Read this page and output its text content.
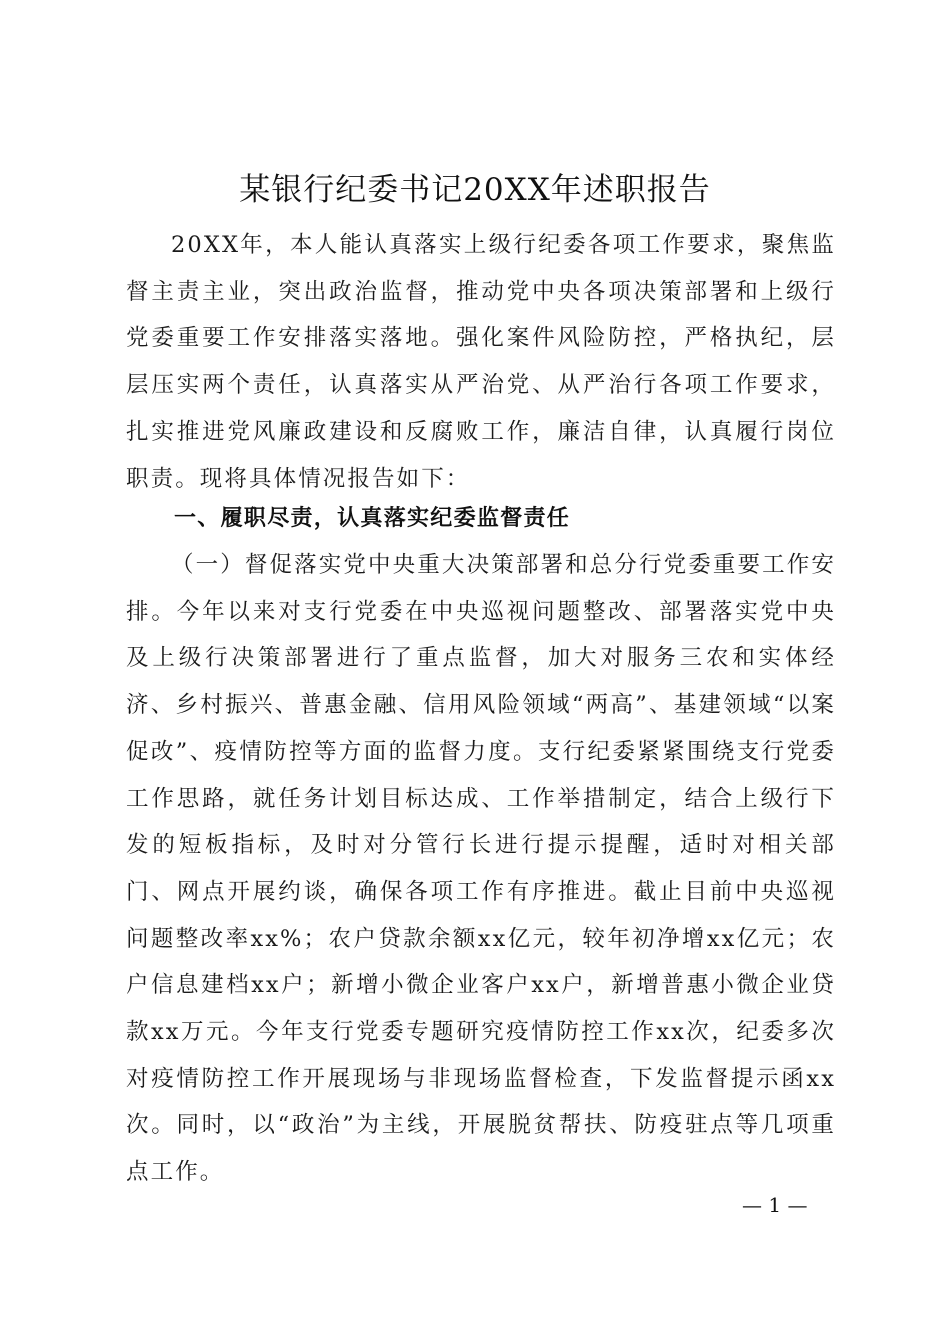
某银行纪委书记20XX年述职报告
20XX年，本人能认真落实上级行纪委各项工作要求，聚焦监督主责主业，突出政治监督，推动党中央各项决策部署和上级行党委重要工作安排落实落地。强化案件风险防控，严格执纪，层层压实两个责任，认真落实从严治党、从严治行各项工作要求，扎实推进党风廉政建设和反腐败工作，廉洁自律，认真履行岗位职责。现将具体情况报告如下：
一、履职尽责，认真落实纪委监督责任
（一）督促落实党中央重大决策部署和总分行党委重要工作安排。今年以来对支行党委在中央巡视问题整改、部署落实党中央及上级行决策部署进行了重点监督，加大对服务三农和实体经济、乡村振兴、普惠金融、信用风险领域“两高”、基建领域“以案促改”、疫情防控等方面的监督力度。支行纪委紧紧围绕支行党委工作思路，就任务计划目标达成、工作举措制定，结合上级行下发的短板指标，及时对分管行长进行提示提醒，适时对相关部门、网点开展约谈，确保各项工作有序推进。截止目前中央巡视问题整改率xx%；农户贷款余额xx亿元，较年初净增xx亿元；农户信息建档xx户；新增小微企业客户xx户，新增普惠小微企业贷款xx万元。今年支行党委专题研究疫情防控工作xx次，纪委多次对疫情防控工作开展现场与非现场监督检查，下发监督提示函xx次。同时，以“政治”为主线，开展脱贫帮扶、防疫驻点等几项重点工作。
— 1 —
